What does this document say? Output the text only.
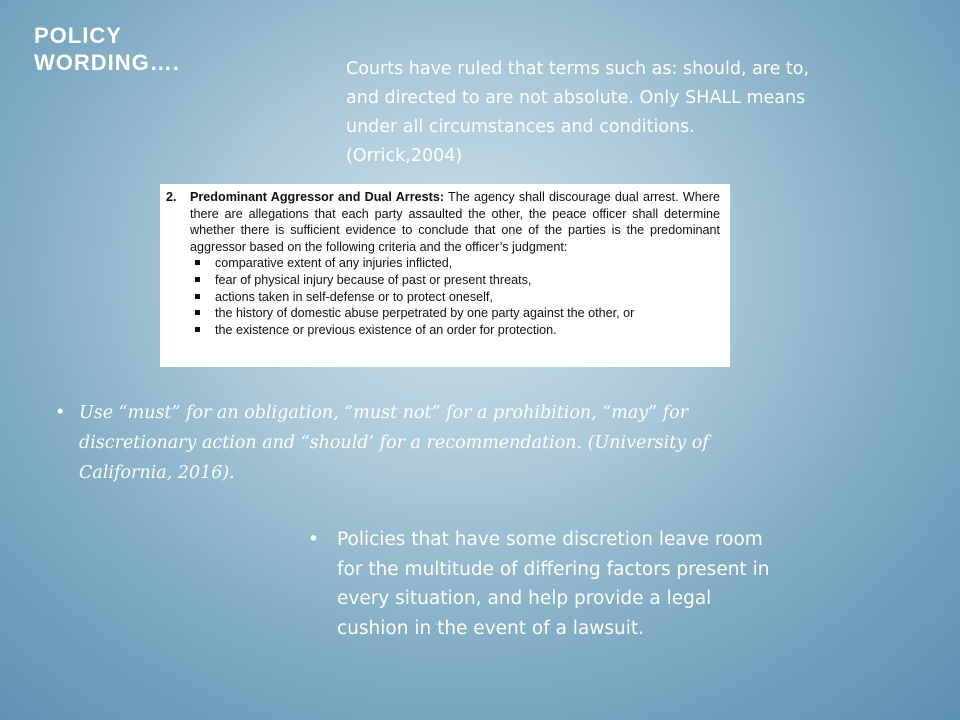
POLICY
WORDING….	Courts have ruled that terms such as: should, are to, and directed to are not absolute. Only SHALL means under all circumstances and conditions. (Orrick,2004)
2.	Predominant Aggressor and Dual Arrests: The agency shall discourage dual arrest. Where there are allegations that each party assaulted the other, the peace officer shall determine whether there is sufficient evidence to conclude that one of the parties is the predominant aggressor based on the following criteria and the officer’s judgment:
comparative extent of any injuries inflicted,
fear of physical injury because of past or present threats,
actions taken in self-defense or to protect oneself,
the history of domestic abuse perpetrated by one party against the other, or
the existence or previous existence of an order for protection.
•
Use “must” for an obligation, “must not” for a prohibition, “may” for discretionary action and “should’ for a recommendation. (University of California, 2016).
•
Policies that have some discretion leave room for the multitude of differing factors present in every situation, and help provide a legal cushion in the event of a lawsuit.
